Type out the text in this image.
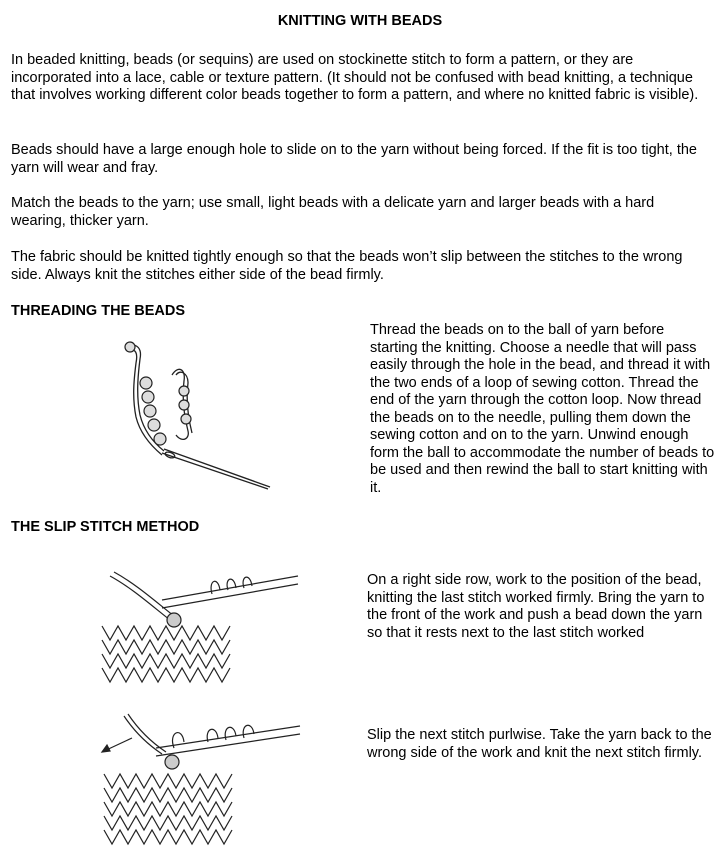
KNITTING WITH BEADS

In beaded knitting, beads (or sequins) are used on stockinette stitch to form a pattern, or they are incorporated into a lace, cable or texture pattern. (It should not be confused with bead knitting, a technique that involves working different color beads together to form a pattern, and where no knitted fabric is visible).

Beads should have a large enough hole to slide on to the yarn without being forced. If the fit is too tight, the yarn will wear and fray.

Match the beads to the yarn; use small, light beads with a delicate yarn and larger beads with a hard wearing, thicker yarn.

The fabric should be knitted tightly enough so that the beads won’t slip between the stitches to the wrong side. Always knit the stitches either side of the bead firmly.

THREADING THE BEADS

Thread the beads on to the ball of yarn before starting the knitting. Choose a needle that will pass easily through the hole in the bead, and thread it with the two ends of a loop of sewing cotton. Thread the end of the yarn through the cotton loop. Now thread the beads on to the needle, pulling them down the sewing cotton and on to the yarn. Unwind enough form the ball to accommodate the number of beads to be used and then rewind the ball to start knitting with it.

THE SLIP STITCH METHOD

On a right side row, work to the position of the bead, knitting the last stitch worked firmly. Bring the yarn to the front of the work and push a bead down the yarn so that it rests next to the last stitch worked

Slip the next stitch purlwise. Take the yarn back to the wrong side of the work and knit the next stitch firmly.
